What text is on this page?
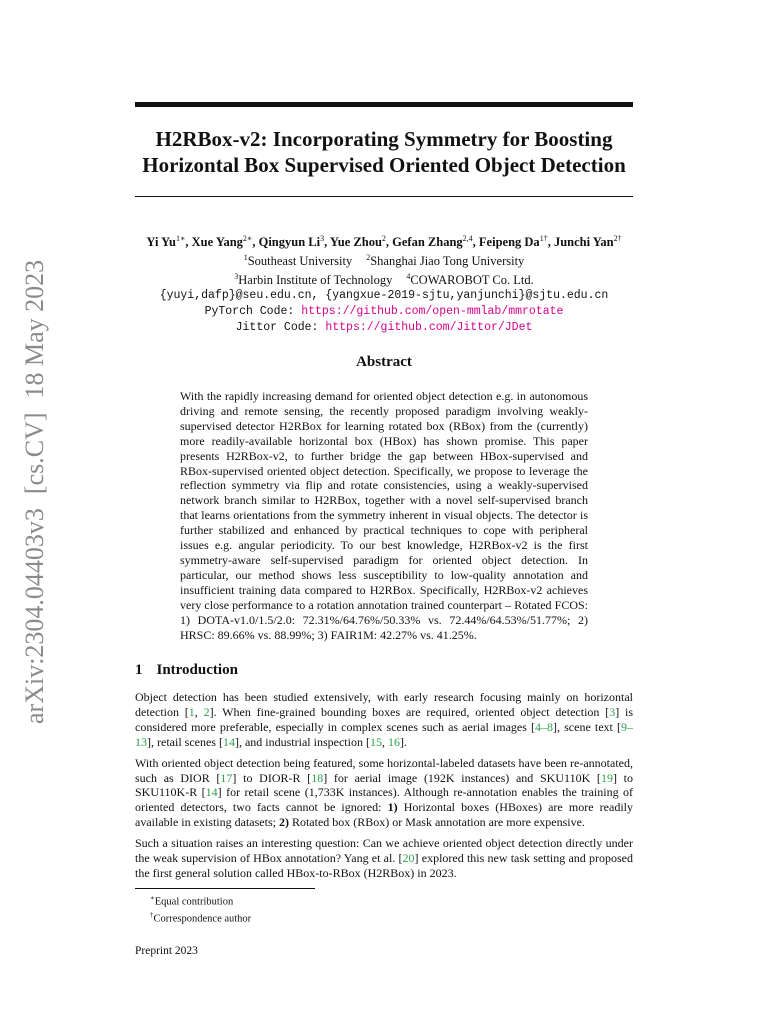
arXiv:2304.04403v3[cs.CV]18 May 2023
H2RBox-v2: Incorporating Symmetry for Boosting
Horizontal Box Supervised Oriented Object Detection
Yi $Yu^{1∗}$, Xue Yang$^{2∗}$, Qingyun Li$^3$, Yue Zhou$^2$, Gefan Zhang$^{2,4}$, Feipeng $Da^{1\dagger}$, Junchi Yan$^{2\dagger}$
$^1$Southeast University $^2$Shanghai Jiao Tong University
$^3$Harbin Institute of Technology $^4$COWAROBOT Co. Ltd.
{yuyi,dafp}@seu.edu.cn, {yangxue-2019-sjtu,yanjunchi}@sjtu.edu.cn
PyTorch Code: https://github.com/open-mmlab/mmrotate
Jittor Code: https://github.com/Jittor/JDet
Abstract
With the rapidly increasing demand for oriented object detection e.g. in autonomous driving and remote sensing, the recently proposed paradigm involving weakly-supervised detector H2RBox for learning rotated box (RBox) from the (currently) more readily-available horizontal box (HBox) has shown promise. This paper presents H2RBox-v2, to further bridge the gap between HBox-supervised and RBox-supervised oriented object detection. Specifically, we propose to leverage the reflection symmetry via flip and rotate consistencies, using a weakly-supervised network branch similar to H2RBox, together with a novel self-supervised branch that learns orientations from the symmetry inherent in visual objects. The detector is further stabilized and enhanced by practical techniques to cope with peripheral issues e.g. angular periodicity. To our best knowledge, H2RBox-v2 is the first symmetry-aware self-supervised paradigm for oriented object detection. In particular, our method shows less susceptibility to low-quality annotation and insufficient training data compared to H2RBox. Specifically, H2RBox-v2 achieves very close performance to a rotation annotation trained counterpart – Rotated FCOS: 1) DOTA-v1.0/1.5/2.0: 72.31%/64.76%/50.33% vs. 72.44%/64.53%/51.77%; 2) HRSC: 89.66% vs. 88.99%; 3) FAIR1M: 42.27% vs. 41.25%.
1 Introduction

Object detection has been studied extensively, with early research focusing mainly on horizontal detection [1, 2]. When fine-grained bounding boxes are required, oriented object detection [3] is considered more preferable, especially in complex scenes such as aerial images [4–8], scene text [9–13], retail scenes [14], and industrial inspection [15, 16].

With oriented object detection being featured, some horizontal-labeled datasets have been re-annotated, such as DIOR [17] to DIOR-R [18] for aerial image (192K instances) and SKU110K [19] to SKU110K-R [14] for retail scene (1,733K instances). Although re-annotation enables the training of oriented detectors, two facts cannot be ignored: 1) Horizontal boxes (HBoxes) are more readily available in existing datasets; 2) Rotated box (RBox) or Mask annotation are more expensive.

Such a situation raises an interesting question: Can we achieve oriented object detection directly under the weak supervision of HBox annotation? Yang et al. [20] explored this new task setting and proposed the first general solution called HBox-to-RBox (H2RBox) in 2023.

∗Equal contribution
†Correspondence author
Preprint 2023
